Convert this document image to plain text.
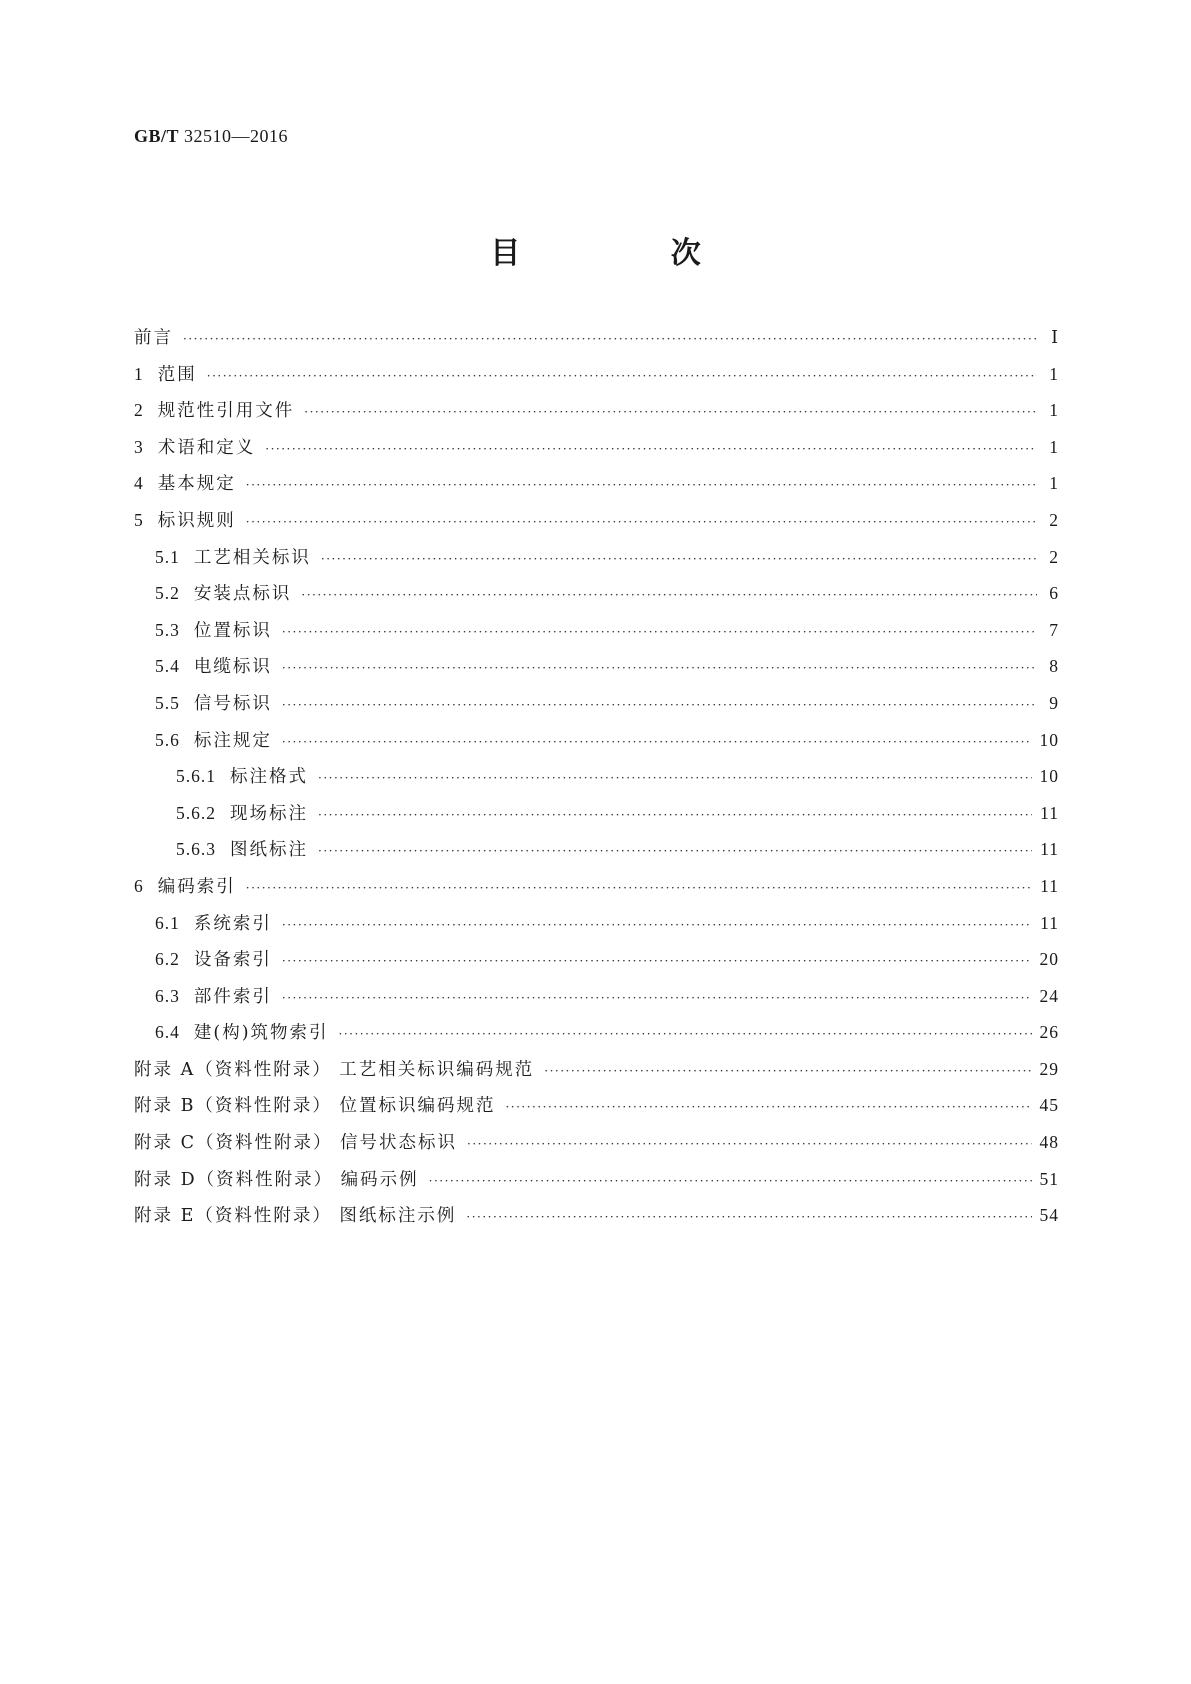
GB/T 32510—2016
目 次
前言 ·····	Ⅰ
1 范围 ·····	1
2 规范性引用文件 ·····	1
3 术语和定义 ·····	1
4 基本规定 ·····	1
5 标识规则 ·····	2
5.1 工艺相关标识 ·····	2
5.2 安装点标识 ·····	6
5.3 位置标识 ·····	7
5.4 电缆标识 ·····	8
5.5 信号标识 ·····	9
5.6 标注规定 ·····	10
5.6.1 标注格式 ·····	10
5.6.2 现场标注 ·····	11
5.6.3 图纸标注 ·····	11
6 编码索引 ·····	11
6.1 系统索引 ·····	11
6.2 设备索引 ·····	20
6.3 部件索引 ·····	24
6.4 建(构)筑物索引 ·····	26
附录 A（资料性附录） 工艺相关标识编码规范 ·····	29
附录 B（资料性附录） 位置标识编码规范 ·····	45
附录 C（资料性附录） 信号状态标识 ·····	48
附录 D（资料性附录） 编码示例 ·····	51
附录 E（资料性附录） 图纸标注示例 ·····	54
